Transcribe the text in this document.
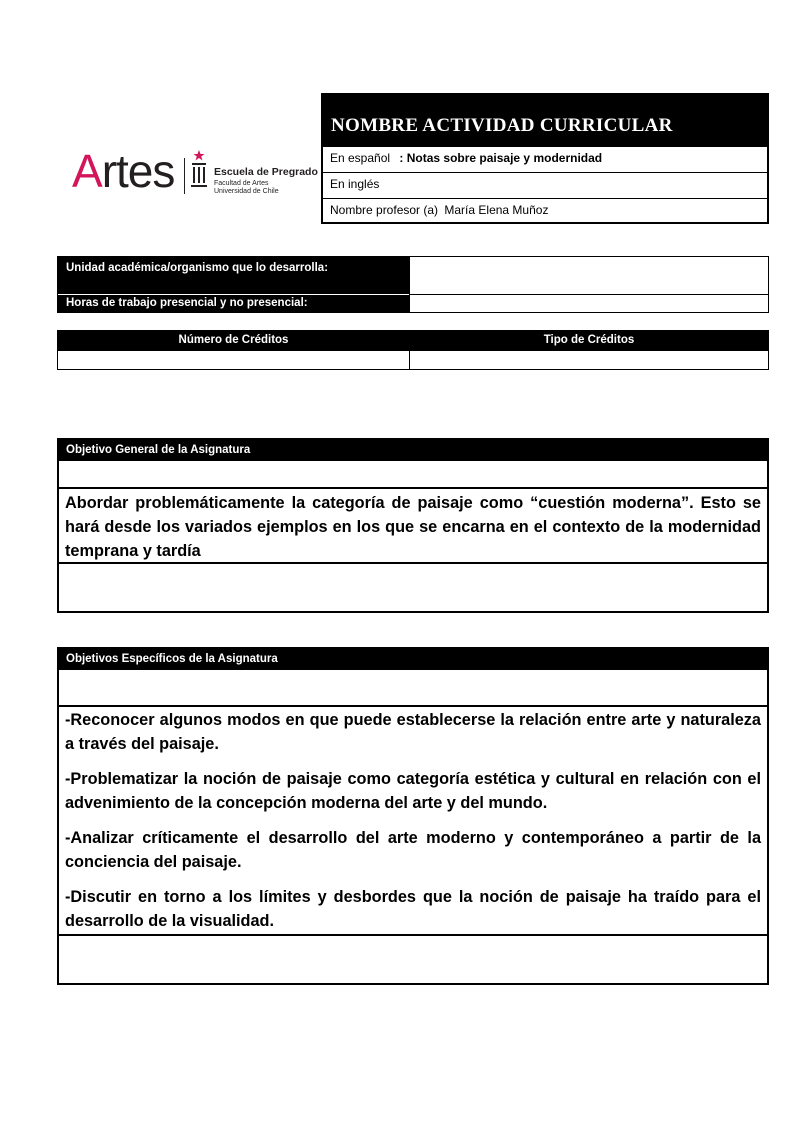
Artes	Escuela de Pregrado
Facultad de Artes
Universidad de Chile
NOMBRE ACTIVIDAD CURRICULAR
En español : Notas sobre paisaje y modernidad
En inglés
Nombre profesor (a) María Elena Muñoz
Unidad académica/organismo que lo desarrolla:
Horas de trabajo presencial y no presencial:
Número de Créditos	Tipo de Créditos
Objetivo General de la Asignatura
Abordar problemáticamente la categoría de paisaje como “cuestión moderna”. Esto se hará desde los variados ejemplos en los que se encarna en el contexto de la modernidad temprana y tardía
Objetivos Específicos de la Asignatura

-Reconocer algunos modos en que puede establecerse la relación entre arte y naturaleza a través del paisaje.

-Problematizar la noción de paisaje como categoría estética y cultural en relación con el advenimiento de la concepción moderna del arte y del mundo.

-Analizar críticamente el desarrollo del arte moderno y contemporáneo a partir de la conciencia del paisaje.

-Discutir en torno a los límites y desbordes que la noción de paisaje ha traído para el desarrollo de la visualidad.
